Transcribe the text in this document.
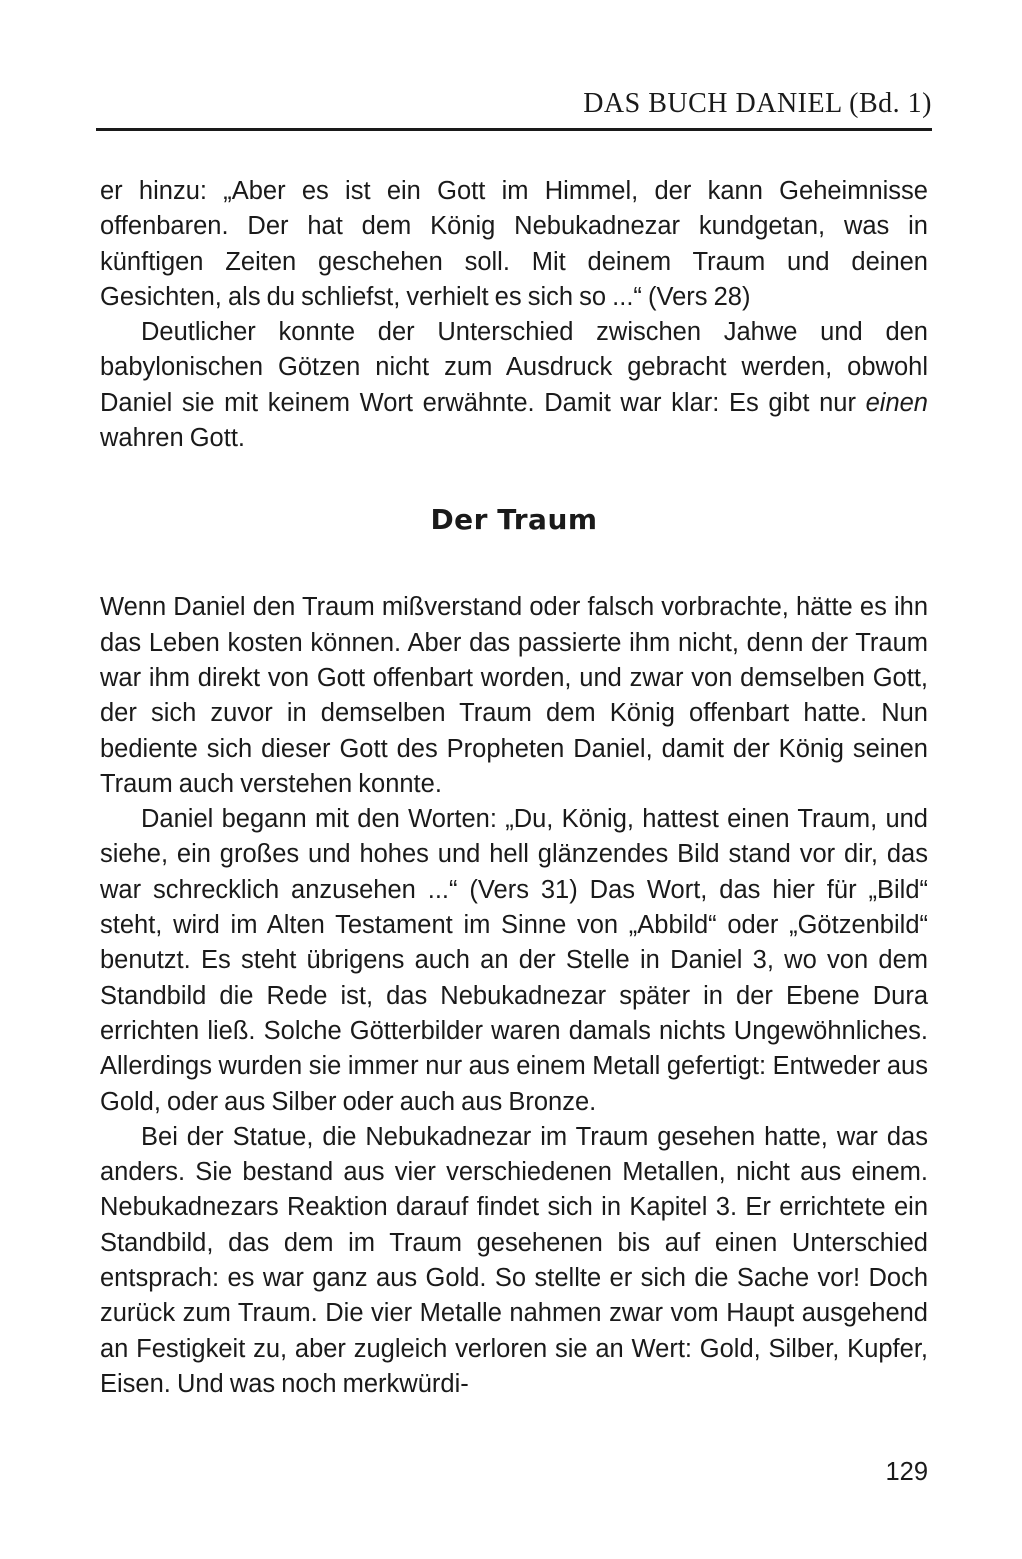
DAS BUCH DANIEL (Bd. 1)

er hinzu: „Aber es ist ein Gott im Himmel, der kann Geheimnisse offenbaren. Der hat dem König Nebukadnezar kundgetan, was in künftigen Zeiten geschehen soll. Mit deinem Traum und deinen Gesichten, als du schliefst, verhielt es sich so ...“ (Vers 28)

Deutlicher konnte der Unterschied zwischen Jahwe und den babylonischen Götzen nicht zum Ausdruck gebracht werden, obwohl Daniel sie mit keinem Wort erwähnte. Damit war klar: Es gibt nur einen wahren Gott.

Der Traum

Wenn Daniel den Traum mißverstand oder falsch vorbrachte, hätte es ihn das Leben kosten können. Aber das passierte ihm nicht, denn der Traum war ihm direkt von Gott offenbart worden, und zwar von demselben Gott, der sich zuvor in demselben Traum dem König offenbart hatte. Nun bediente sich dieser Gott des Propheten Daniel, damit der König seinen Traum auch verstehen konnte.

Daniel begann mit den Worten: „Du, König, hattest einen Traum, und siehe, ein großes und hohes und hell glänzendes Bild stand vor dir, das war schrecklich anzusehen ...“ (Vers 31) Das Wort, das hier für „Bild“ steht, wird im Alten Testament im Sinne von „Abbild“ oder „Götzenbild“ benutzt. Es steht übrigens auch an der Stelle in Daniel 3, wo von dem Standbild die Rede ist, das Nebukadnezar später in der Ebene Dura errichten ließ. Solche Götterbilder waren damals nichts Ungewöhnliches. Allerdings wurden sie immer nur aus einem Metall gefertigt: Entweder aus Gold, oder aus Silber oder auch aus Bronze.

Bei der Statue, die Nebukadnezar im Traum gesehen hatte, war das anders. Sie bestand aus vier verschiedenen Metallen, nicht aus einem. Nebukadnezars Reaktion darauf findet sich in Kapitel 3. Er errichtete ein Standbild, das dem im Traum gesehenen bis auf einen Unterschied entsprach: es war ganz aus Gold. So stellte er sich die Sache vor! Doch zurück zum Traum. Die vier Metalle nahmen zwar vom Haupt ausgehend an Festigkeit zu, aber zugleich verloren sie an Wert: Gold, Silber, Kupfer, Eisen. Und was noch merkwürdi-

129
